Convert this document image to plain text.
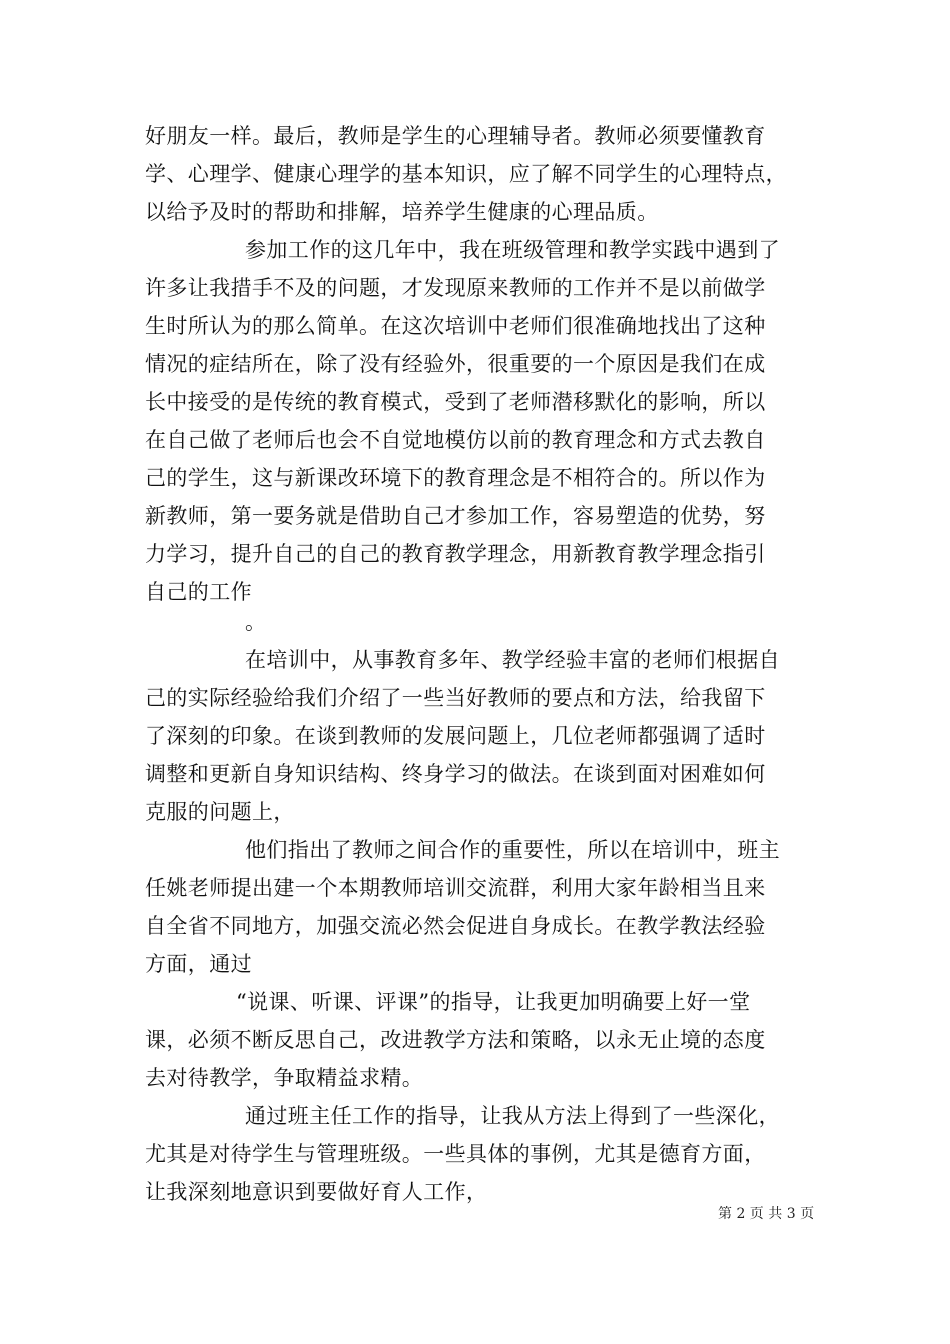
好朋友一样。最后，教师是学生的心理辅导者。教师必须要懂教育
学、心理学、健康心理学的基本知识，应了解不同学生的心理特点，
以给予及时的帮助和排解，培养学生健康的心理品质。
参加工作的这几年中，我在班级管理和教学实践中遇到了
许多让我措手不及的问题，才发现原来教师的工作并不是以前做学
生时所认为的那么简单。在这次培训中老师们很准确地找出了这种
情况的症结所在，除了没有经验外，很重要的一个原因是我们在成
长中接受的是传统的教育模式，受到了老师潜移默化的影响，所以
在自己做了老师后也会不自觉地模仿以前的教育理念和方式去教自
己的学生，这与新课改环境下的教育理念是不相符合的。所以作为
新教师，第一要务就是借助自己才参加工作，容易塑造的优势，努
力学习，提升自己的自己的教育教学理念，用新教育教学理念指引
自己的工作
。
在培训中，从事教育多年、教学经验丰富的老师们根据自
己的实际经验给我们介绍了一些当好教师的要点和方法，给我留下
了深刻的印象。在谈到教师的发展问题上，几位老师都强调了适时
调整和更新自身知识结构、终身学习的做法。在谈到面对困难如何
克服的问题上，
他们指出了教师之间合作的重要性，所以在培训中，班主
任姚老师提出建一个本期教师培训交流群，利用大家年龄相当且来
自全省不同地方，加强交流必然会促进自身成长。在教学教法经验
方面，通过
“说课、听课、评课”的指导，让我更加明确要上好一堂
课，必须不断反思自己，改进教学方法和策略，以永无止境的态度
去对待教学，争取精益求精。
通过班主任工作的指导，让我从方法上得到了一些深化，
尤其是对待学生与管理班级。一些具体的事例，尤其是德育方面，
让我深刻地意识到要做好育人工作，
第 2 页 共 3 页
